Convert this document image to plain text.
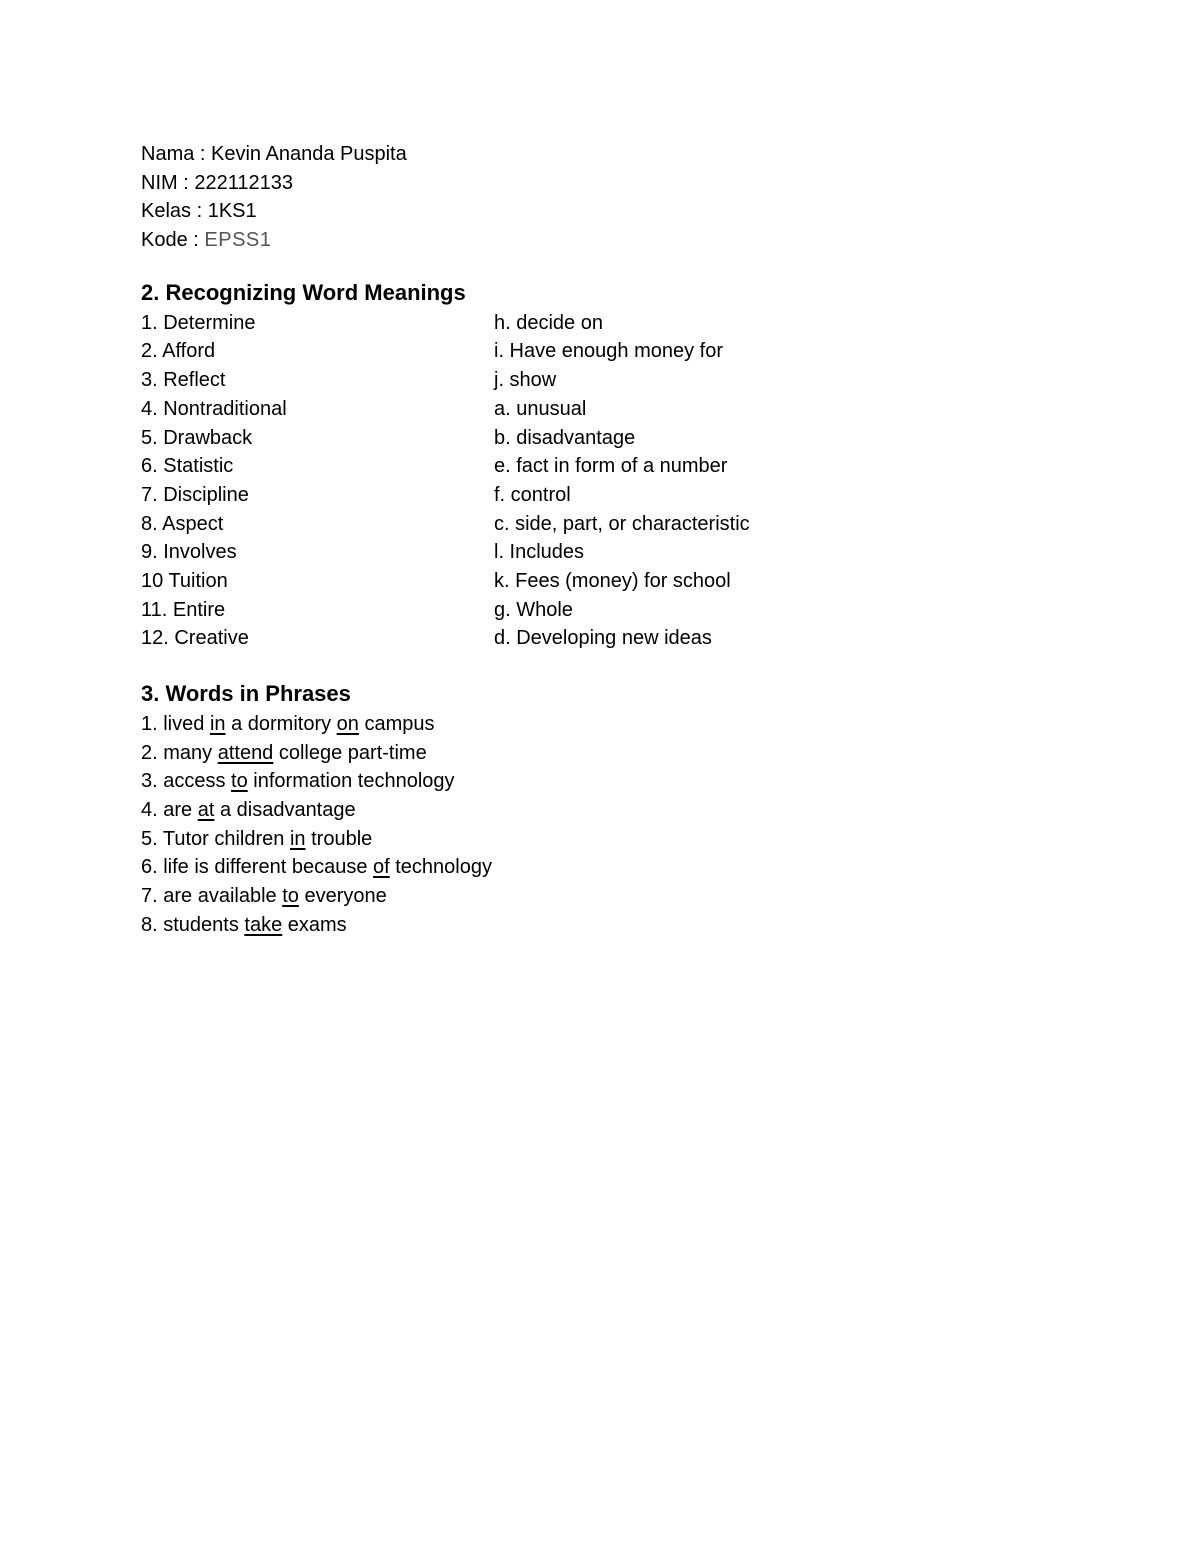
Nama : Kevin Ananda Puspita
NIM : 222112133
Kelas : 1KS1
Kode : EPSS1
2. Recognizing Word Meanings
1. Determine	h. decide on
2. Afford	i. Have enough money for
3. Reflect	j. show
4. Nontraditional	a. unusual
5. Drawback	b. disadvantage
6. Statistic	e. fact in form of a number
7. Discipline	f. control
8. Aspect	c. side, part, or characteristic
9. Involves	l. Includes
10 Tuition	k. Fees (money) for school
11. Entire	g. Whole
12. Creative	d. Developing new ideas
3. Words in Phrases
1. lived in a dormitory on campus
2. many attend college part-time
3. access to information technology
4. are at a disadvantage
5. Tutor children in trouble
6. life is different because of technology
7. are available to everyone
8. students take exams
